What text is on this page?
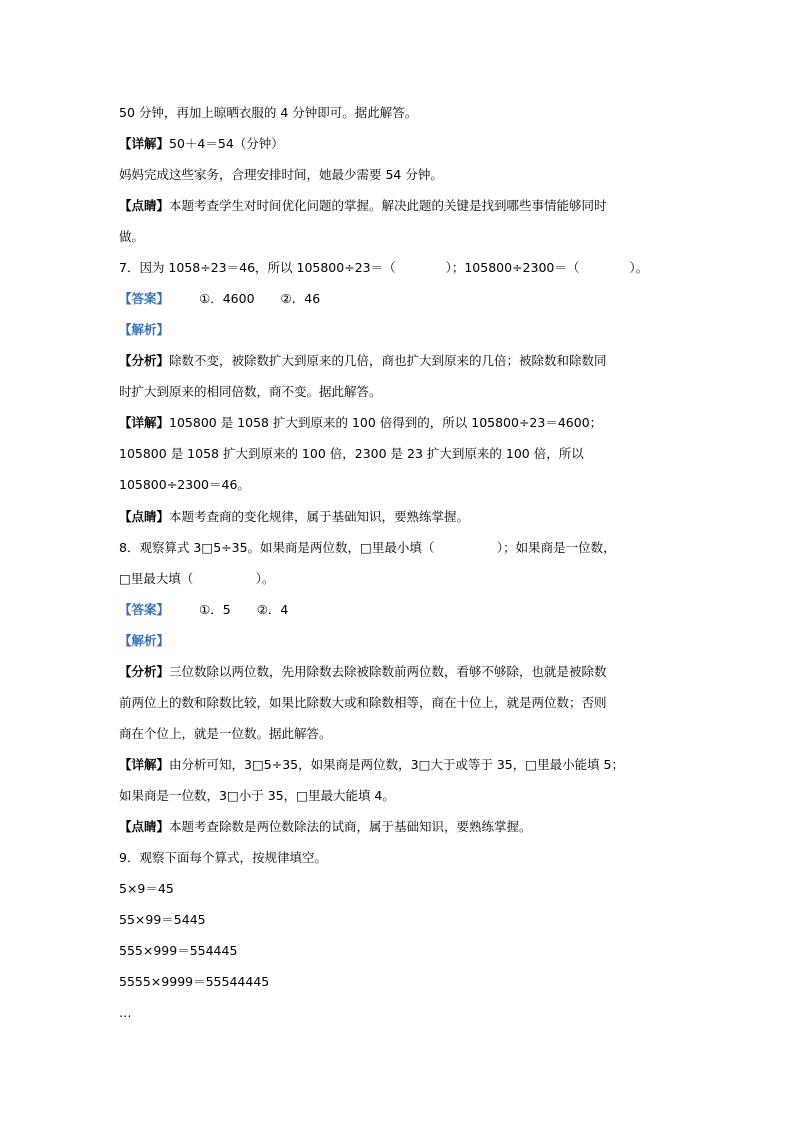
50 分钟，再加上晾晒衣服的 4 分钟即可。据此解答。
【详解】50＋4＝54（分钟）
妈妈完成这些家务，合理安排时间，她最少需要 54 分钟。
【点睛】本题考查学生对时间优化问题的掌握。解决此题的关键是找到哪些事情能够同时
做。
7．因为 1058÷23＝46，所以 105800÷23＝（　　　　）；105800÷2300＝（　　　　）。
【答案】 ①．4600 ②．46
【解析】
【分析】除数不变，被除数扩大到原来的几倍，商也扩大到原来的几倍；被除数和除数同
时扩大到原来的相同倍数，商不变。据此解答。
【详解】105800 是 1058 扩大到原来的 100 倍得到的，所以 105800÷23＝4600；
105800 是 1058 扩大到原来的 100 倍，2300 是 23 扩大到原来的 100 倍，所以
105800÷2300＝46。
【点睛】本题考查商的变化规律，属于基础知识，要熟练掌握。
8．观察算式 3□5÷35。如果商是两位数，□里最小填（　　　　　）；如果商是一位数，
□里最大填（　　　　　）。
【答案】 ①．5 ②．4
【解析】
【分析】三位数除以两位数，先用除数去除被除数前两位数，看够不够除，也就是被除数
前两位上的数和除数比较，如果比除数大或和除数相等，商在十位上，就是两位数；否则
商在个位上，就是一位数。据此解答。
【详解】由分析可知，3□5÷35，如果商是两位数，3□大于或等于 35，□里最小能填 5；
如果商是一位数，3□小于 35，□里最大能填 4。
【点睛】本题考查除数是两位数除法的试商，属于基础知识，要熟练掌握。
9．观察下面每个算式，按规律填空。
5×9＝45
55×99＝5445
555×999＝554445
5555×9999＝55544445
…
